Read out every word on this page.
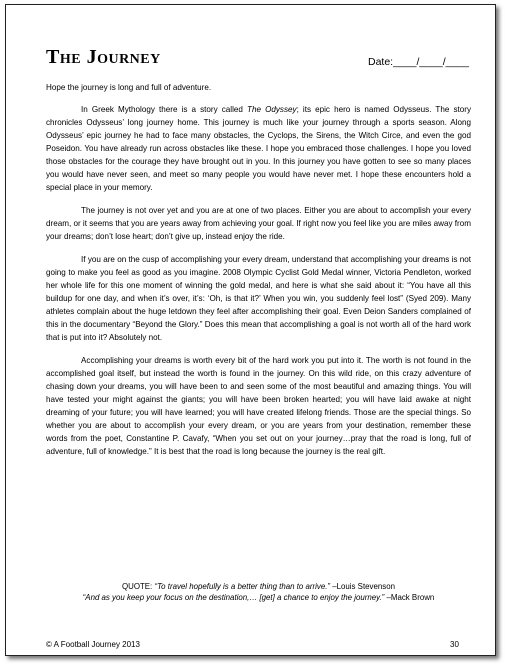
The Journey	Date:____/____/____

Hope the journey is long and full of adventure.

In Greek Mythology there is a story called The Odyssey; its epic hero is named Odysseus. The story chronicles Odysseus’ long journey home. This journey is much like your journey through a sports season. Along Odysseus’ epic journey he had to face many obstacles, the Cyclops, the Sirens, the Witch Circe, and even the god Poseidon. You have already run across obstacles like these. I hope you embraced those challenges. I hope you loved those obstacles for the courage they have brought out in you. In this journey you have gotten to see so many places you would have never seen, and meet so many people you would have never met. I hope these encounters hold a special place in your memory.

The journey is not over yet and you are at one of two places. Either you are about to accomplish your every dream, or it seems that you are years away from achieving your goal. If right now you feel like you are miles away from your dreams; don’t lose heart; don’t give up, instead enjoy the ride.

If you are on the cusp of accomplishing your every dream, understand that accomplishing your dreams is not going to make you feel as good as you imagine. 2008 Olympic Cyclist Gold Medal winner, Victoria Pendleton, worked her whole life for this one moment of winning the gold medal, and here is what she said about it: “You have all this buildup for one day, and when it’s over, it’s: ‘Oh, is that it?’ When you win, you suddenly feel lost” (Syed 209). Many athletes complain about the huge letdown they feel after accomplishing their goal. Even Deion Sanders complained of this in the documentary “Beyond the Glory.” Does this mean that accomplishing a goal is not worth all of the hard work that is put into it? Absolutely not.

Accomplishing your dreams is worth every bit of the hard work you put into it. The worth is not found in the accomplished goal itself, but instead the worth is found in the journey. On this wild ride, on this crazy adventure of chasing down your dreams, you will have been to and seen some of the most beautiful and amazing things. You will have tested your might against the giants; you will have been broken hearted; you will have laid awake at night dreaming of your future; you will have learned; you will have created lifelong friends. Those are the special things. So whether you are about to accomplish your every dream, or you are years from your destination, remember these words from the poet, Constantine P. Cavafy, “When you set out on your journey…pray that the road is long, full of adventure, full of knowledge.” It is best that the road is long because the journey is the real gift.

QUOTE: “To travel hopefully is a better thing than to arrive.” –Louis Stevenson
“And as you keep your focus on the destination,… [get] a chance to enjoy the journey.” –Mack Brown
© A Football Journey 2013	30
